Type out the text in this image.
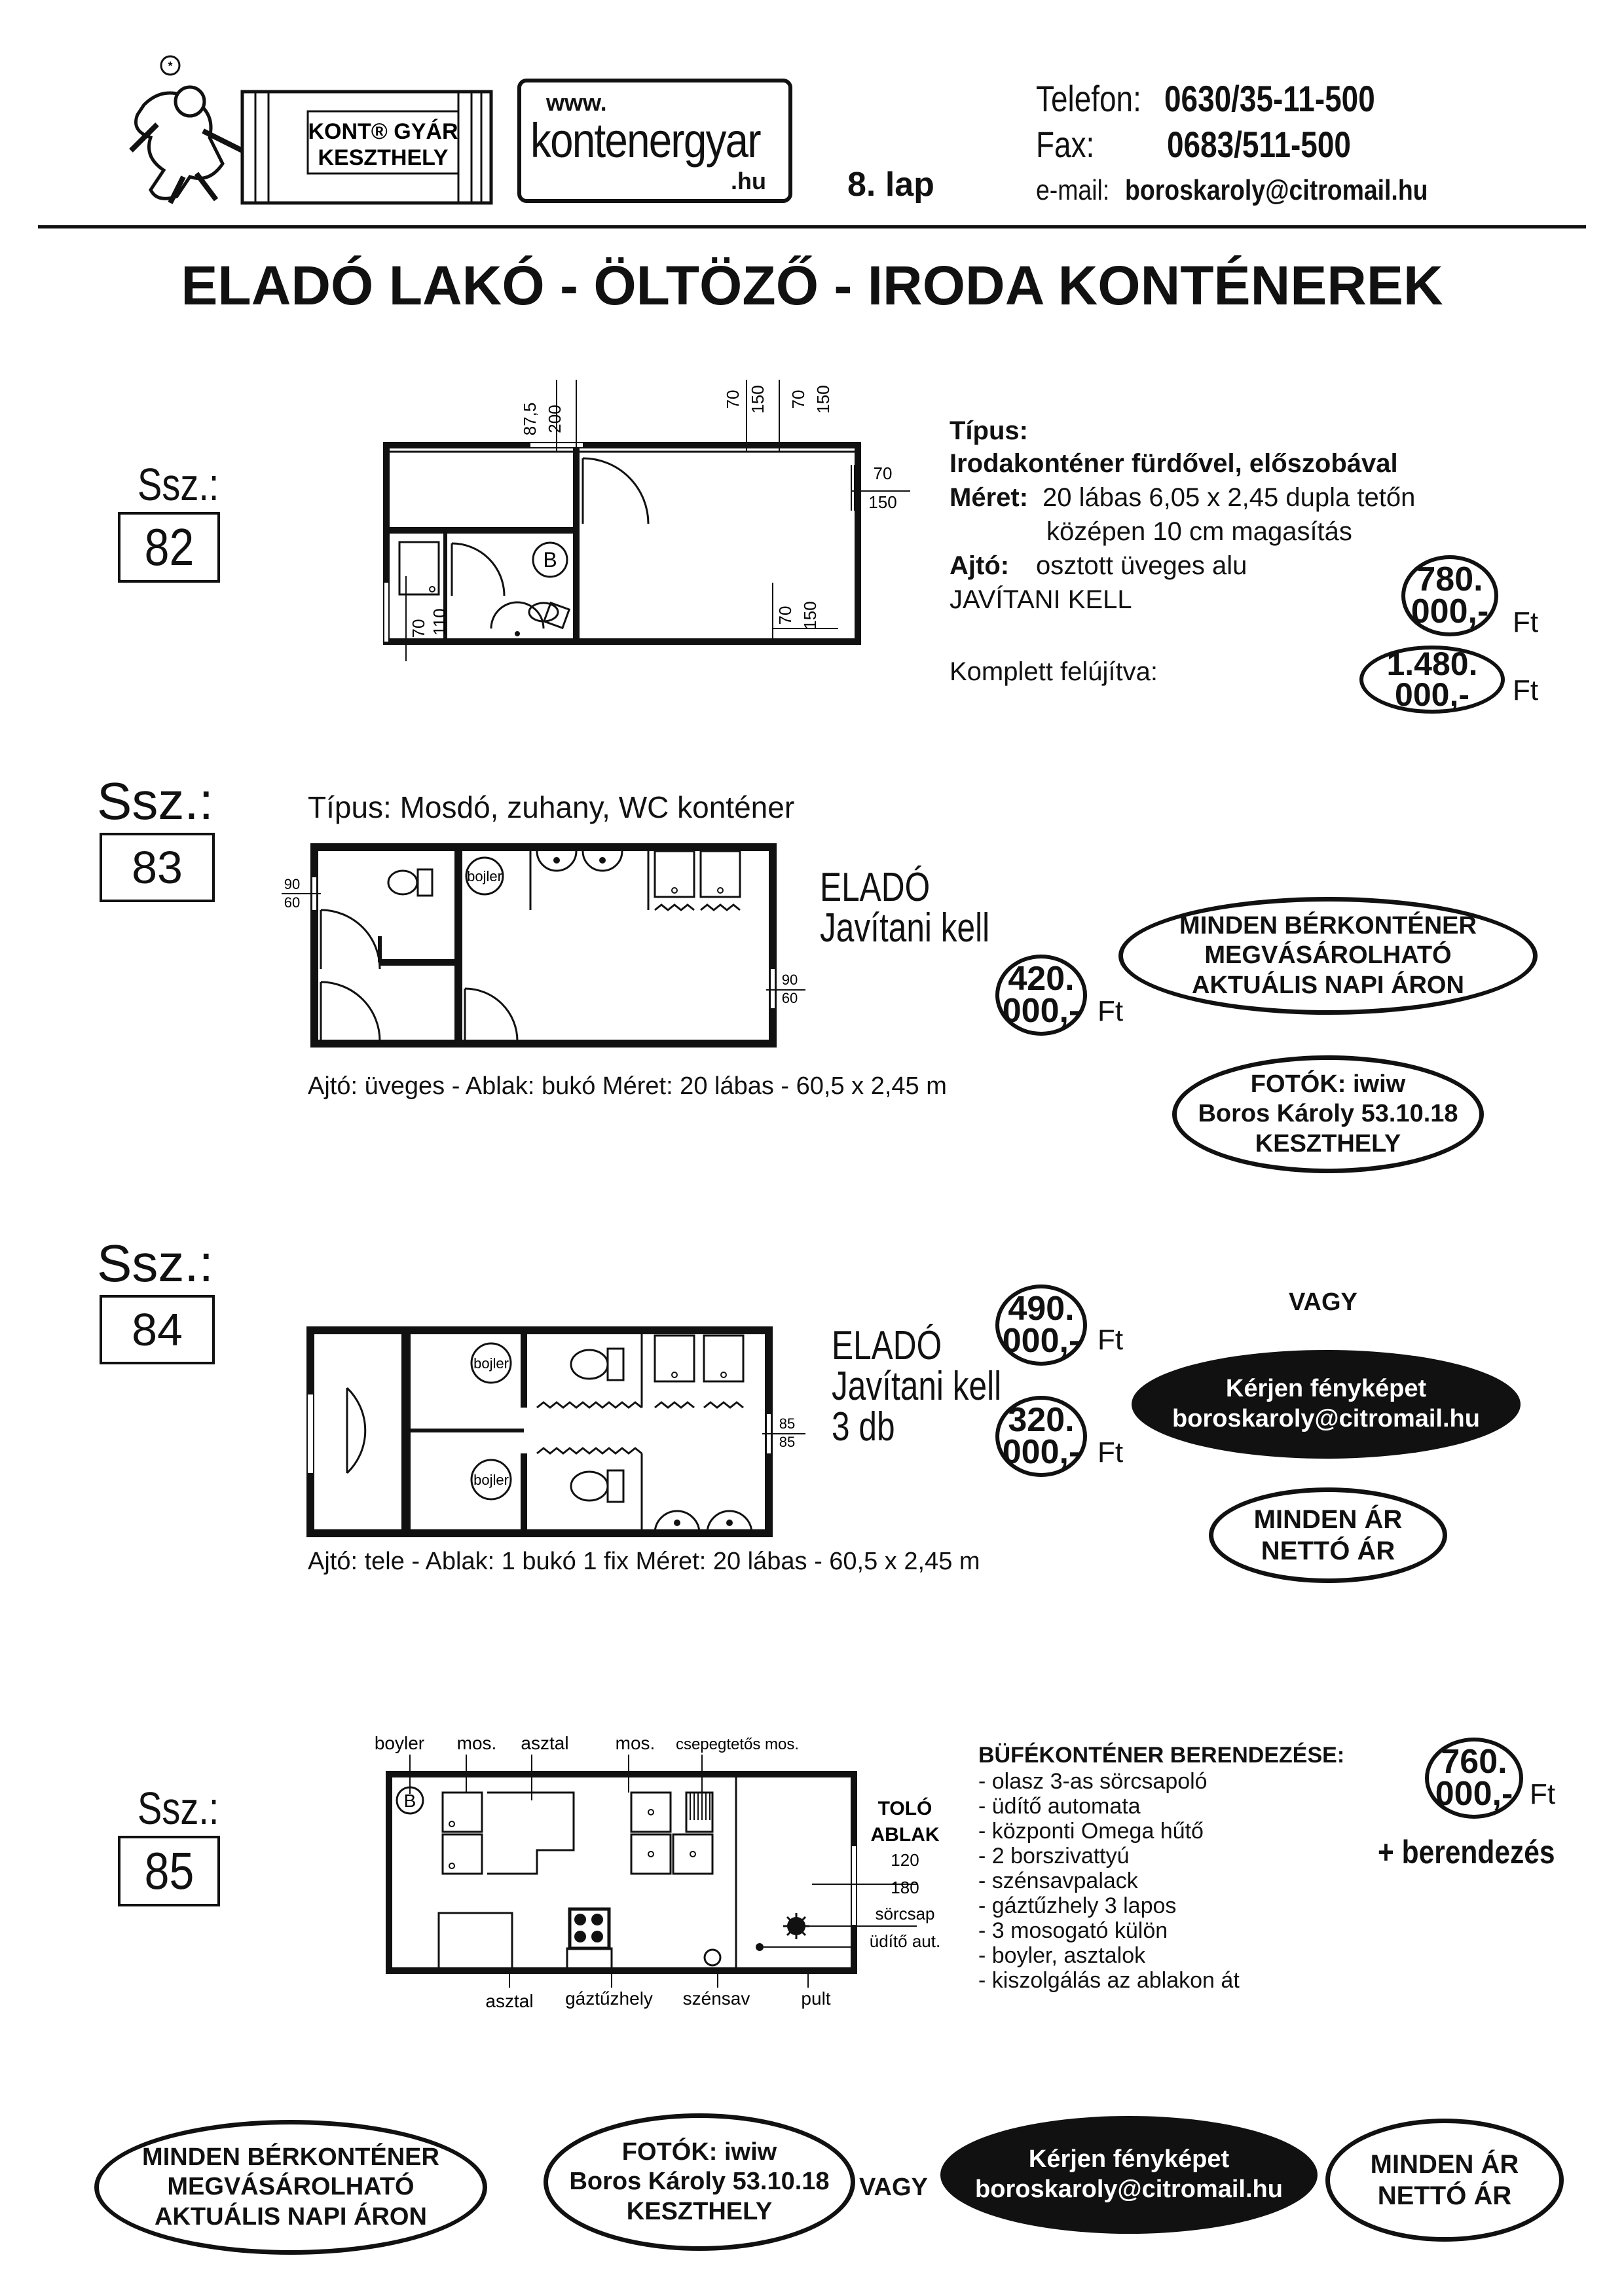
*
KONT® GYÁR
KESZTHELY
www.
kontenergyar
.hu 8. lap
Telefon: 0630/35-11-500
Fax: 0683/511-500
e-mail: boroskaroly@citromail.hu
ELADÓ LAKÓ - ÖLTÖZŐ - IRODA KONTÉNEREK
Ssz.:
82	B
87,5 200
70 150 70 150
70
150
70 110	70 150
Típus:
Irodakonténer fürdővel, előszobával
Méret: 20 lábas 6,05 x 2,45 dupla tetőn
középen 10 cm magasítás
Ajtó: osztott üveges alu
JAVÍTANI KELL
Komplett felújítva:
780.
000,- Ft
1.480.
000,- Ft
Ssz.:
83
Típus: Mosdó, zuhany, WC konténer
bojler
90
60
90
60
ELADÓ
Javítani kell
420.
000,- Ft
Ajtó: üveges - Ablak: bukó Méret: 20 lábas - 60,5 x 2,45 m
MINDEN BÉRKONTÉNER
MEGVÁSÁROLHATÓ
AKTUÁLIS NAPI ÁRON
FOTÓK: iwiw
Boros Károly 53.10.18
KESZTHELY
Ssz.:
84
bojler
bojler
85
85
ELADÓ
Javítani kell
3 db
490.
000,- Ft
320.
000,- Ft
Ajtó: tele - Ablak: 1 bukó 1 fix Méret: 20 lábas - 60,5 x 2,45 m
VAGY
Kérjen fényképet
boroskaroly@citromail.hu
MINDEN ÁR
NETTÓ ÁR
Ssz.:
85
boyler mos. asztal	mos. csepegtetős mos.
asztal gáztűzhely szénsav	pult
B	TOLÓ
ABLAK
120
180
sörcsap
üdítő aut.
BÜFÉKONTÉNER BERENDEZÉSE:
- olasz 3-as sörcsapoló
- üdítő automata
- központi Omega hűtő
- 2 borszivattyú
- szénsavpalack
- gáztűzhely 3 lapos
- 3 mosogató külön
- boyler, asztalok
- kiszolgálás az ablakon át
760.
000,- Ft
+ berendezés
MINDEN BÉRKONTÉNER
MEGVÁSÁROLHATÓ
AKTUÁLIS NAPI ÁRON
FOTÓK: iwiw
Boros Károly 53.10.18
KESZTHELY
VAGY
Kérjen fényképet
boroskaroly@citromail.hu
MINDEN ÁR
NETTÓ ÁR
